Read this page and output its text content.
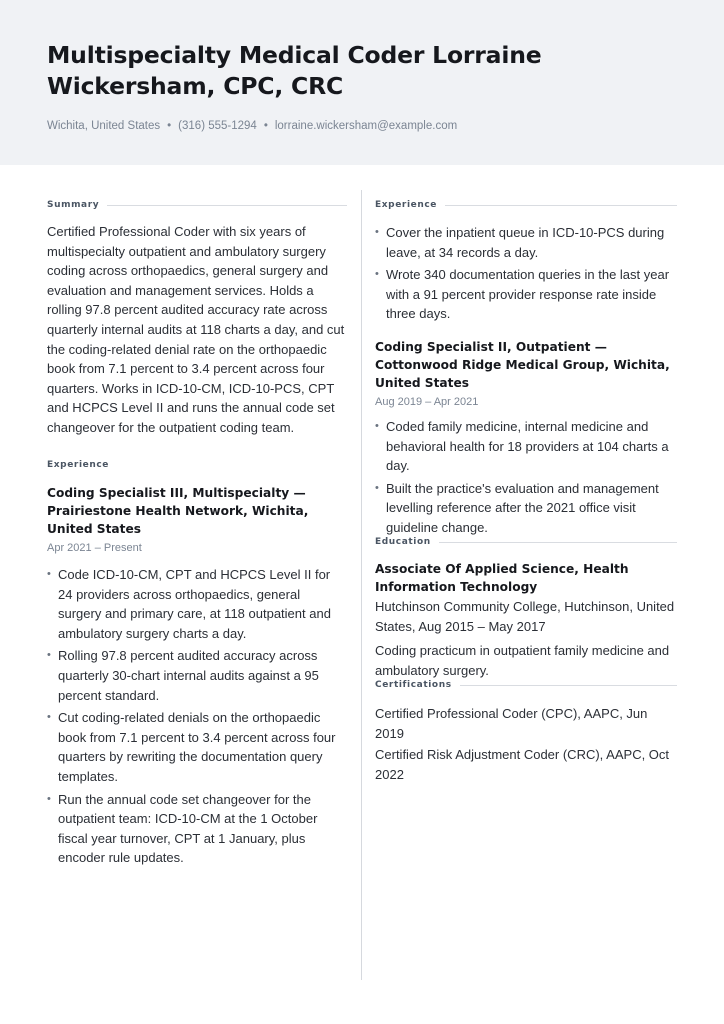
Multispecialty Medical Coder Lorraine Wickersham, CPC, CRC
Wichita, United States • (316) 555-1294 • lorraine.wickersham@example.com
Summary

Certified Professional Coder with six years of multispecialty outpatient and ambulatory surgery coding across orthopaedics, general surgery and evaluation and management services. Holds a rolling 97.8 percent audited accuracy rate across quarterly internal audits at 118 charts a day, and cut the coding-related denial rate on the orthopaedic book from 7.1 percent to 3.4 percent across four quarters. Works in ICD-10-CM, ICD-10-PCS, CPT and HCPCS Level II and runs the annual code set changeover for the outpatient coding team.

Experience
Coding Specialist III, Multispecialty — Prairiestone Health Network, Wichita, United States
Apr 2021 – Present
• Code ICD-10-CM, CPT and HCPCS Level II for 24 providers across orthopaedics, general surgery and primary care, at 118 outpatient and ambulatory surgery charts a day.
• Rolling 97.8 percent audited accuracy across quarterly 30-chart internal audits against a 95 percent standard.
• Cut coding-related denials on the orthopaedic book from 7.1 percent to 3.4 percent across four quarters by rewriting the documentation query templates.
• Run the annual code set changeover for the outpatient team: ICD-10-CM at the 1 October fiscal year turnover, CPT at 1 January, plus encoder rule updates.
Experience
• Cover the inpatient queue in ICD-10-PCS during leave, at 34 records a day.
• Wrote 340 documentation queries in the last year with a 91 percent provider response rate inside three days.
Coding Specialist II, Outpatient — Cottonwood Ridge Medical Group, Wichita, United States
Aug 2019 – Apr 2021
• Coded family medicine, internal medicine and behavioral health for 18 providers at 104 charts a day.
• Built the practice's evaluation and management levelling reference after the 2021 office visit guideline change.
Education
Associate Of Applied Science, Health Information Technology

Hutchinson Community College, Hutchinson, United States, Aug 2015 – May 2017

Coding practicum in outpatient family medicine and ambulatory surgery.

Certifications

Certified Professional Coder (CPC), AAPC, Jun 2019

Certified Risk Adjustment Coder (CRC), AAPC, Oct 2022
